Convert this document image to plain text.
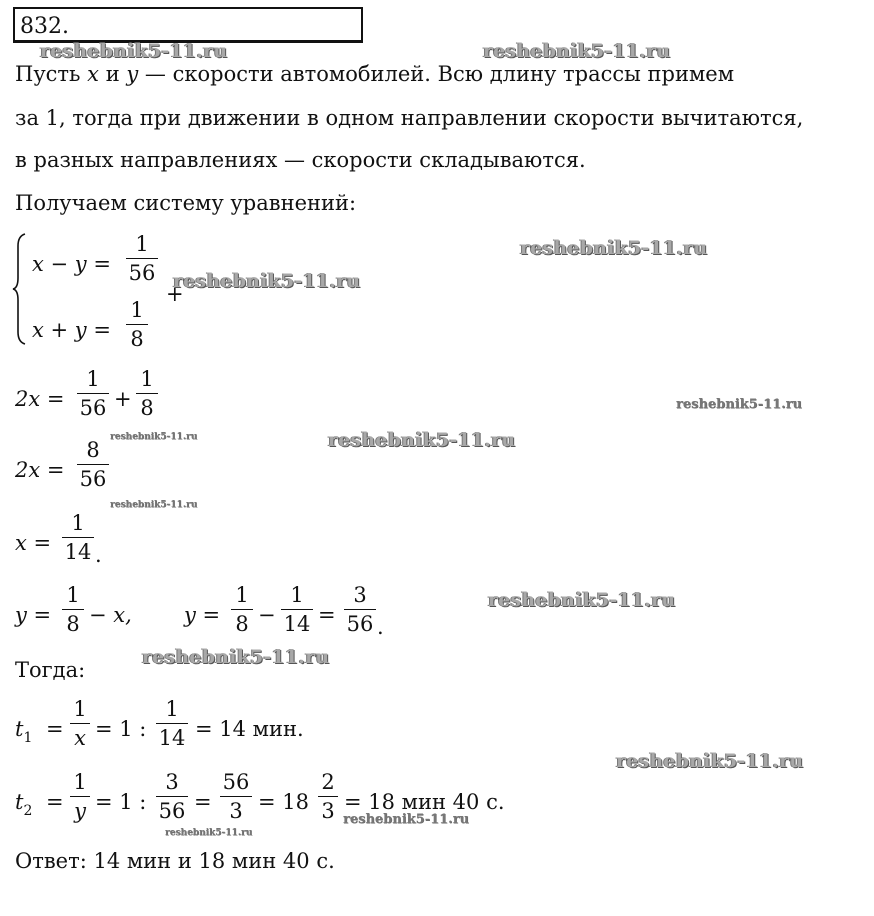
832.
Пусть x и y — скорости автомобилей. Всю длину трассы примем
за 1, тогда при движении в одном направлении скорости вычитаются,
в разных направлениях — скорости складываются.
Получаем систему уравнений:
x − y =
1
56
+
x + y =
1
8
2x =
1
56 +
1
8
2x =
8
56
x =
1
14 .
y =
1
8 − x, y =
1
8 −
1
14 =
3
56 .
Тогда:
$t_1$ =
1
x = 1 :
1
14 = 14 мин.
$t_2$ =
1
y = 1 :
3
56 =
56
3 = 18
2
3 = 18 мин 40 с.
Ответ: 14 мин и 18 мин 40 с.
reshebnik5-11.ru	reshebnik5-11.ru
reshebnik5-11.ru
reshebnik5-11.ru
reshebnik5-11.ru
reshebnik5-11.ru	reshebnik5-11.ru
reshebnik5-11.ru
reshebnik5-11.ru
reshebnik5-11.ru
reshebnik5-11.ru
reshebnik5-11.ru
reshebnik5-11.ru
